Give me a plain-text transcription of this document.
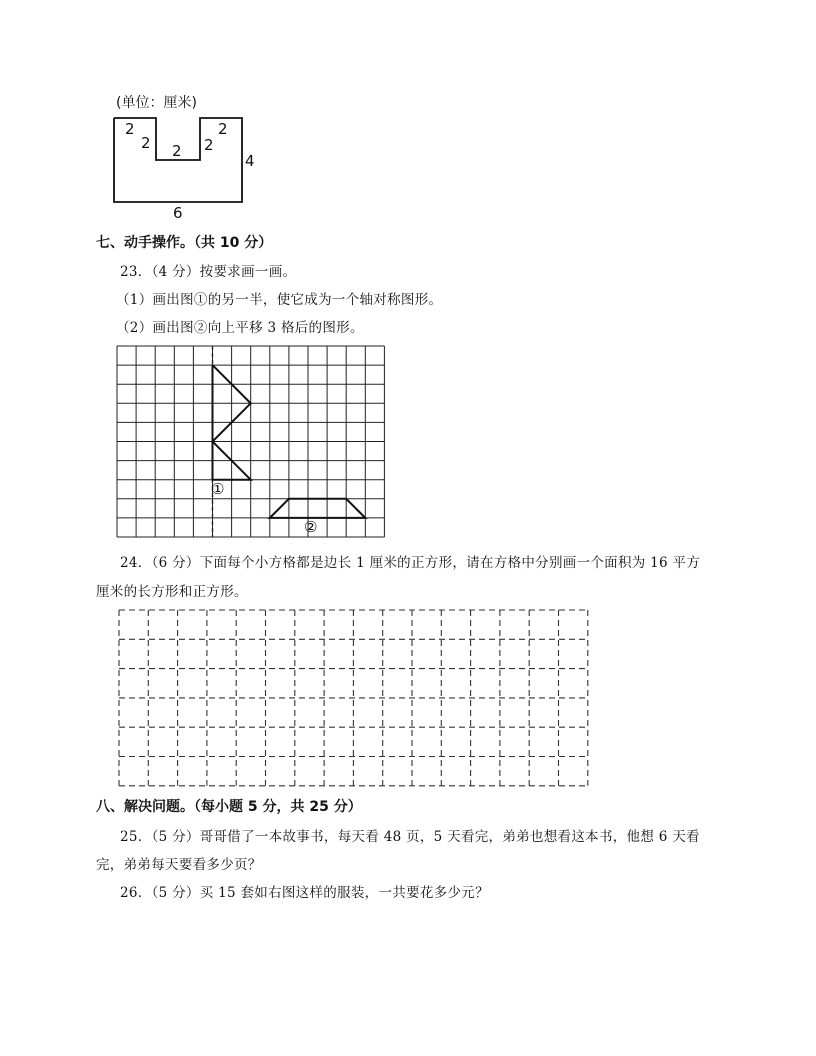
(单位：厘米)
2
2 2 2
2
4
6
七、动手操作。（共 10 分）
23．（4 分）按要求画一画。
（1）画出图①的另一半，使它成为一个轴对称图形。
（2）画出图②向上平移 3 格后的图形。
①
②
24．（6 分）下面每个小方格都是边长 1 厘米的正方形，请在方格中分别画一个面积为 16 平方
厘米的长方形和正方形。
八、解决问题。（每小题 5 分，共 25 分）
25．（5 分）哥哥借了一本故事书，每天看 48 页，5 天看完，弟弟也想看这本书，他想 6 天看
完，弟弟每天要看多少页？
26．（5 分）买 15 套如右图这样的服装，一共要花多少元？
